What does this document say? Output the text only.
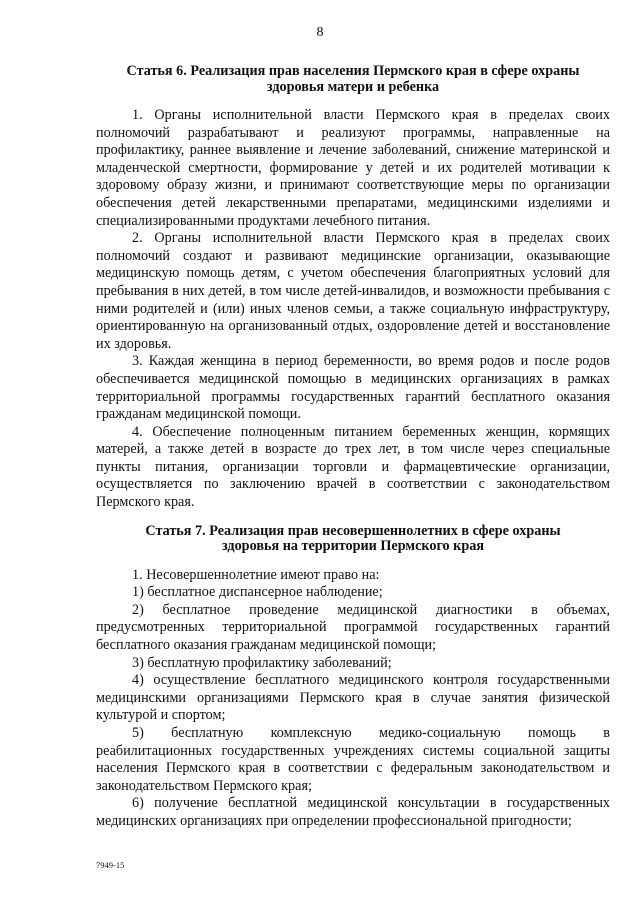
8
Статья 6. Реализация прав населения Пермского края в сфере охраны здоровья матери и ребенка

1. Органы исполнительной власти Пермского края в пределах своих полномочий разрабатывают и реализуют программы, направленные на профилактику, раннее выявление и лечение заболеваний, снижение материнской и младенческой смертности, формирование у детей и их родителей мотивации к здоровому образу жизни, и принимают соответствующие меры по организации обеспечения детей лекарственными препаратами, медицинскими изделиями и специализированными продуктами лечебного питания.

2. Органы исполнительной власти Пермского края в пределах своих полномочий создают и развивают медицинские организации, оказывающие медицинскую помощь детям, с учетом обеспечения благоприятных условий для пребывания в них детей, в том числе детей-инвалидов, и возможности пребывания с ними родителей и (или) иных членов семьи, а также социальную инфраструктуру, ориентированную на организованный отдых, оздоровление детей и восстановление их здоровья.

3. Каждая женщина в период беременности, во время родов и после родов обеспечивается медицинской помощью в медицинских организациях в рамках территориальной программы государственных гарантий бесплатного оказания гражданам медицинской помощи.

4. Обеспечение полноценным питанием беременных женщин, кормящих матерей, а также детей в возрасте до трех лет, в том числе через специальные пункты питания, организации торговли и фармацевтические организации, осуществляется по заключению врачей в соответствии с законодательством Пермского края.

Статья 7. Реализация прав несовершеннолетних в сфере охраны здоровья на территории Пермского края

1. Несовершеннолетние имеют право на:

1) бесплатное диспансерное наблюдение;

2) бесплатное проведение медицинской диагностики в объемах, предусмотренных территориальной программой государственных гарантий бесплатного оказания гражданам медицинской помощи;

3) бесплатную профилактику заболеваний;

4) осуществление бесплатного медицинского контроля государственными медицинскими организациями Пермского края в случае занятия физической культурой и спортом;

5) бесплатную комплексную медико-социальную помощь в реабилитационных государственных учреждениях системы социальной защиты населения Пермского края в соответствии с федеральным законодательством и законодательством Пермского края;

6) получение бесплатной медицинской консультации в государственных медицинских организациях при определении профессиональной пригодности;

7949-15
